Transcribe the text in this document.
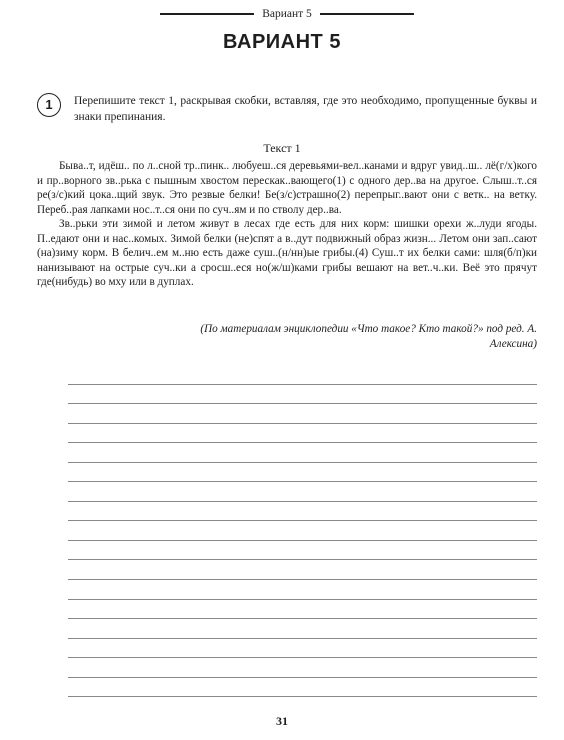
Вариант 5
ВАРИАНТ 5
1	Перепишите текст 1, раскрывая скобки, вставляя, где это необходимо, пропущенные буквы и знаки препинания.

Текст 1

Бывa..т, идёш.. по л..сной тр..пинк.. любуеш..ся деревьями-вел..канами и вдруг увид..ш.. лё(г/х)кого и пр..ворного зв..рька с пышным хвостом перескак..вающего(1) с одного дер..ва на другое. Слыш..т..ся ре(з/с)кий цока..щий звук. Это резвые белки! Бе(з/с)страшно(2) перепрыг..вают они с ветк.. на ветку. Переб..рая лапками нос..т..ся они по суч..ям и по стволу дер..ва.

Зв..рьки эти зимой и летом живут в лесах где есть для них корм: шишки орехи ж..луди ягоды. П..едают они и нас..комых. Зимой белки (не)спят а в..дут подвижный образ жизн... Летом они зап..сают (на)зиму корм. В белич..ем м..ню есть даже суш..(н/нн)ые грибы.(4) Суш..т их белки сами: шля(б/п)ки нанизывают на острые суч..ки а сросш..еся но(ж/ш)ками грибы вешают на вет..ч..ки. Веё это прячут где(нибудь) во мху или в дуплах.

(По материалам энциклопедии «Что такое? Кто такой?» под ред. А. Алексина)
31
